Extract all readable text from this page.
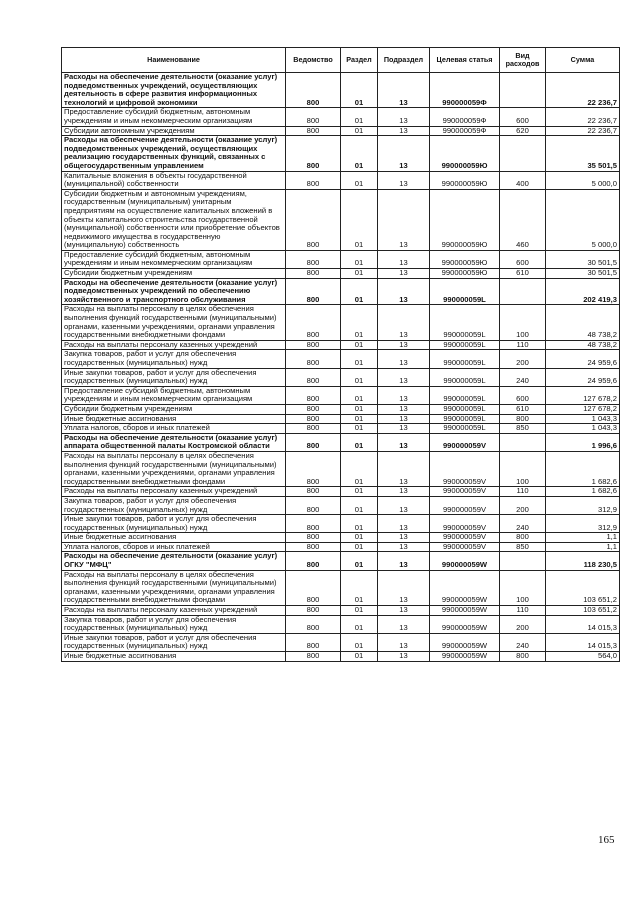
Наименование	Ведомство	Раздел	Подраздел	Целевая статья	Вид расходов	Сумма
Расходы на обеспечение деятельности (оказание услуг) подведомственных учреждений, осуществляющих деятельность в сфере развития информационных технологий и цифровой экономики	800	01	13	990000059Ф		22 236,7
Предоставление субсидий бюджетным, автономным учреждениям и иным некоммерческим организациям	800	01	13	990000059Ф	600	22 236,7
Субсидии автономным учреждениям	800	01	13	990000059Ф	620	22 236,7
Расходы на обеспечение деятельности (оказание услуг) подведомственных учреждений, осуществляющих реализацию государственных функций, связанных с общегосударственным управлением	800	01	13	990000059Ю		35 501,5
Капитальные вложения в объекты государственной (муниципальной) собственности	800	01	13	990000059Ю	400	5 000,0
Субсидии бюджетным и автономным учреждениям, государственным (муниципальным) унитарным предприятиям на осуществление капитальных вложений в объекты капитального строительства государственной (муниципальной) собственности или приобретение объектов недвижимого имущества в государственную (муниципальную) собственность	800	01	13	990000059Ю	460	5 000,0
Предоставление субсидий бюджетным, автономным учреждениям и иным некоммерческим организациям	800	01	13	990000059Ю	600	30 501,5
Субсидии бюджетным учреждениям	800	01	13	990000059Ю	610	30 501,5
Расходы на обеспечение деятельности (оказание услуг) подведомственных учреждений по обеспечению хозяйственного и транспортного обслуживания	800	01	13	990000059L		202 419,3
Расходы на выплаты персоналу в целях обеспечения выполнения функций государственными (муниципальными) органами, казенными учреждениями, органами управления государственными внебюджетными фондами	800	01	13	990000059L	100	48 738,2
Расходы на выплаты персоналу казенных учреждений	800	01	13	990000059L	110	48 738,2
Закупка товаров, работ и услуг для обеспечения государственных (муниципальных) нужд	800	01	13	990000059L	200	24 959,6
Иные закупки товаров, работ и услуг для обеспечения государственных (муниципальных) нужд	800	01	13	990000059L	240	24 959,6
Предоставление субсидий бюджетным, автономным учреждениям и иным некоммерческим организациям	800	01	13	990000059L	600	127 678,2
Субсидии бюджетным учреждениям	800	01	13	990000059L	610	127 678,2
Иные бюджетные ассигнования	800	01	13	990000059L	800	1 043,3
Уплата налогов, сборов и иных платежей	800	01	13	990000059L	850	1 043,3
Расходы на обеспечение деятельности (оказание услуг) аппарата общественной палаты Костромской области	800	01	13	990000059V		1 996,6
Расходы на выплаты персоналу в целях обеспечения выполнения функций государственными (муниципальными) органами, казенными учреждениями, органами управления государственными внебюджетными фондами	800	01	13	990000059V	100	1 682,6
Расходы на выплаты персоналу казенных учреждений	800	01	13	990000059V	110	1 682,6
Закупка товаров, работ и услуг для обеспечения государственных (муниципальных) нужд	800	01	13	990000059V	200	312,9
Иные закупки товаров, работ и услуг для обеспечения государственных (муниципальных) нужд	800	01	13	990000059V	240	312,9
Иные бюджетные ассигнования	800	01	13	990000059V	800	1,1
Уплата налогов, сборов и иных платежей	800	01	13	990000059V	850	1,1
Расходы на обеспечение деятельности (оказание услуг) ОГКУ "МФЦ"	800	01	13	990000059W		118 230,5
Расходы на выплаты персоналу в целях обеспечения выполнения функций государственными (муниципальными) органами, казенными учреждениями, органами управления государственными внебюджетными фондами	800	01	13	990000059W	100	103 651,2
Расходы на выплаты персоналу казенных учреждений	800	01	13	990000059W	110	103 651,2
Закупка товаров, работ и услуг для обеспечения государственных (муниципальных) нужд	800	01	13	990000059W	200	14 015,3
Иные закупки товаров, работ и услуг для обеспечения государственных (муниципальных) нужд	800	01	13	990000059W	240	14 015,3
Иные бюджетные ассигнования	800	01	13	990000059W	800	564,0
165
